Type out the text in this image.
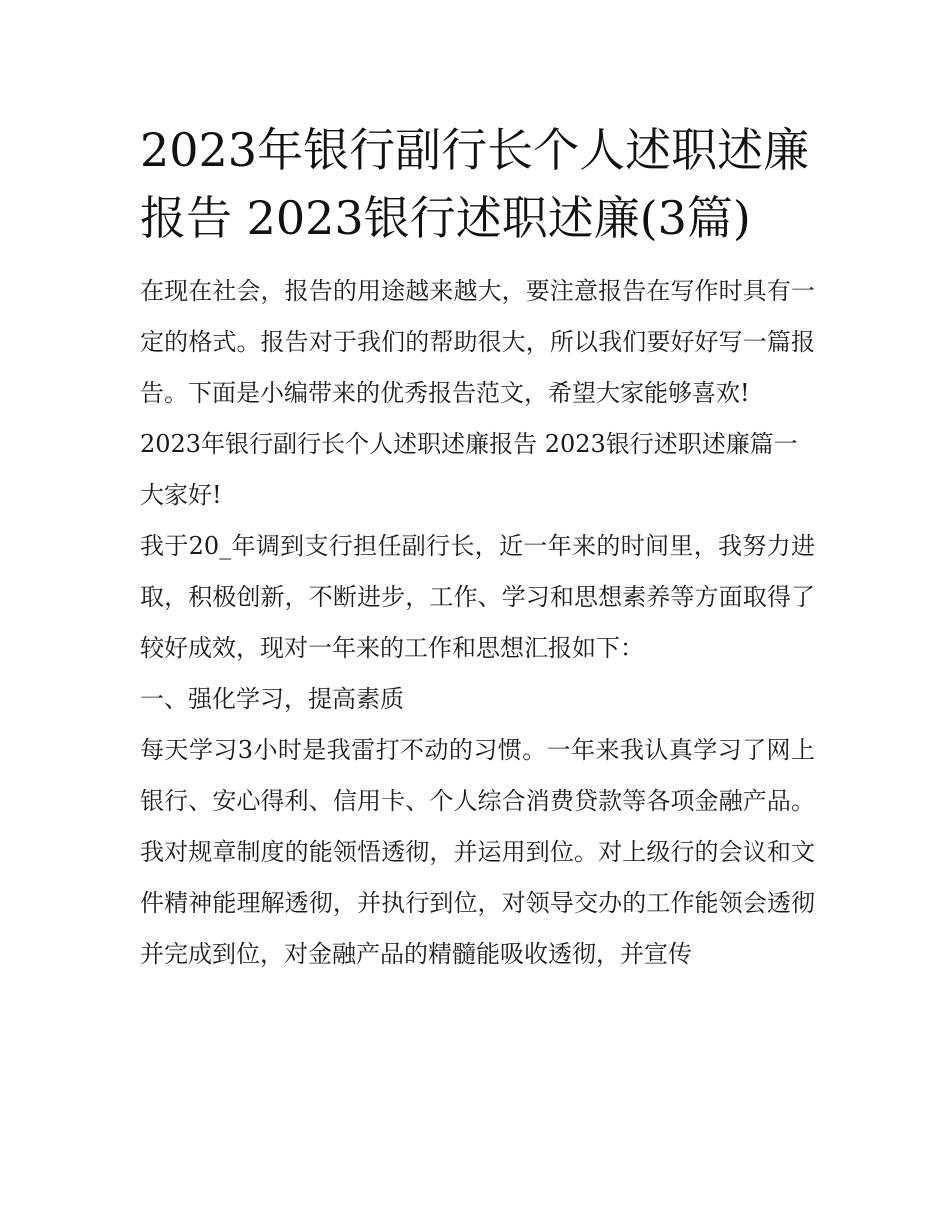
2023年银行副行长个人述职述廉报告 2023银行述职述廉(3篇)

在现在社会，报告的用途越来越大，要注意报告在写作时具有一定的格式。报告对于我们的帮助很大，所以我们要好好写一篇报告。下面是小编带来的优秀报告范文，希望大家能够喜欢!

2023年银行副行长个人述职述廉报告 2023银行述职述廉篇一

大家好!

我于20_年调到支行担任副行长，近一年来的时间里，我努力进取，积极创新，不断进步，工作、学习和思想素养等方面取得了较好成效，现对一年来的工作和思想汇报如下：

一、强化学习，提高素质

每天学习3小时是我雷打不动的习惯。一年来我认真学习了网上银行、安心得利、信用卡、个人综合消费贷款等各项金融产品。我对规章制度的能领悟透彻，并运用到位。对上级行的会议和文件精神能理解透彻，并执行到位，对领导交办的工作能领会透彻并完成到位，对金融产品的精髓能吸收透彻，并宣传
